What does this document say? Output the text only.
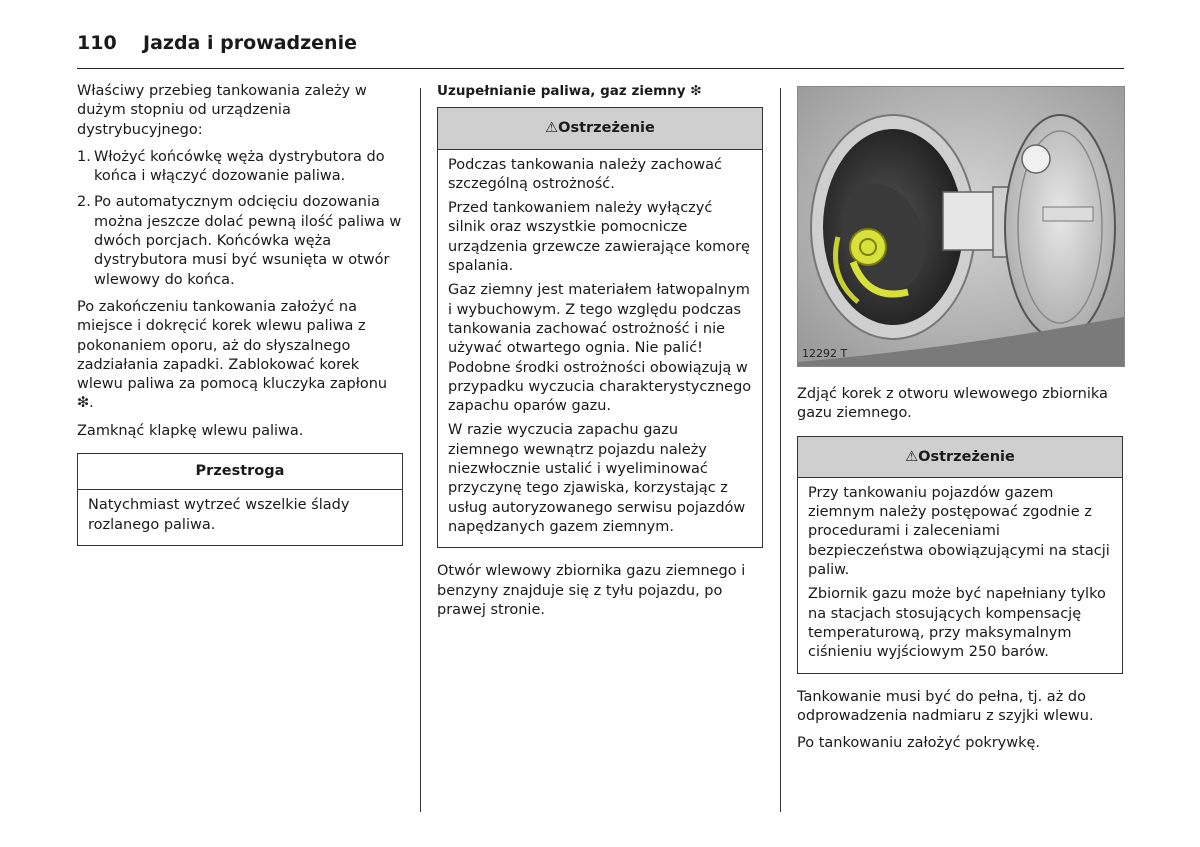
110 Jazda i prowadzenie

Właściwy przebieg tankowania zależy w dużym stopniu od urządzenia dystrybucyjnego:

1. Włożyć końcówkę węża dystrybutora do końca i włączyć dozowanie paliwa.
2. Po automatycznym odcięciu dozowania można jeszcze dolać pewną ilość paliwa w dwóch porcjach. Końcówka węża dystrybutora musi być wsunięta w otwór wlewowy do końca.

Po zakończeniu tankowania założyć na miejsce i dokręcić korek wlewu paliwa z pokonaniem oporu, aż do słyszalnego zadziałania zapadki. Zablokować korek wlewu paliwa za pomocą kluczyka zapłonu ❇.

Zamknąć klapkę wlewu paliwa.

Przestroga

Natychmiast wytrzeć wszelkie ślady rozlanego paliwa.

Uzupełnianie paliwa, gaz ziemny ❇
⚠Ostrzeżenie

Podczas tankowania należy zachować szczególną ostrożność.

Przed tankowaniem należy wyłączyć silnik oraz wszystkie pomocnicze urządzenia grzewcze zawierające komorę spalania.

Gaz ziemny jest materiałem łatwopalnym i wybuchowym. Z tego względu podczas tankowania zachować ostrożność i nie używać otwartego ognia. Nie palić! Podobne środki ostrożności obowiązują w przypadku wyczucia charakterystycznego zapachu oparów gazu.

W razie wyczucia zapachu gazu ziemnego wewnątrz pojazdu należy niezwłocznie ustalić i wyeliminować przyczynę tego zjawiska, korzystając z usług autoryzowanego serwisu pojazdów napędzanych gazem ziemnym.

Otwór wlewowy zbiornika gazu ziemnego i benzyny znajduje się z tyłu pojazdu, po prawej stronie.

12292 T

Zdjąć korek z otworu wlewowego zbiornika gazu ziemnego.

⚠Ostrzeżenie

Przy tankowaniu pojazdów gazem ziemnym należy postępować zgodnie z procedurami i zaleceniami bezpieczeństwa obowiązującymi na stacji paliw.

Zbiornik gazu może być napełniany tylko na stacjach stosujących kompensację temperaturową, przy maksymalnym ciśnieniu wyjściowym 250 barów.

Tankowanie musi być do pełna, tj. aż do odprowadzenia nadmiaru z szyjki wlewu.

Po tankowaniu założyć pokrywkę.
